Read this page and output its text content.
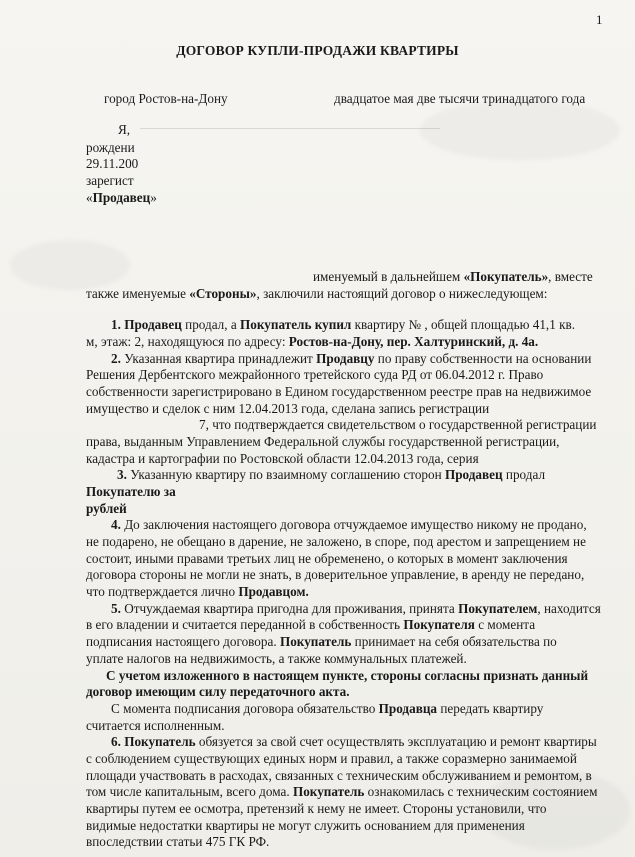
1
ДОГОВОР КУПЛИ-ПРОДАЖИ КВАРТИРЫ
город Ростов-на-Дону	двадцатое мая две тысячи тринадцатого года
Я,
рождени
29.11.200
зарегист
«Продавец»
именуемый в дальнейшем «Покупатель», вместе
также именуемые «Стороны», заключили настоящий договор о нижеследующем:
1. Продавец продал, а Покупатель купил квартиру № , общей площадью 41,1 кв.
м, этаж: 2, находящуюся по адресу: Ростов-на-Дону, пер. Халтуринский, д. 4а.
2. Указанная квартира принадлежит Продавцу по праву собственности на основании
Решения Дербентского межрайонного третейского суда РД от 06.04.2012 г. Право
собственности зарегистрировано в Едином государственном реестре прав на недвижимое
имущество и сделок с ним 12.04.2013 года, сделана запись регистрации
7, что подтверждается свидетельством о государственной регистрации
права, выданным Управлением Федеральной службы государственной регистрации,
кадастра и картографии по Ростовской области 12.04.2013 года, серия
3. Указанную квартиру по взаимному соглашению сторон Продавец продал
Покупателю за
рублей
4. До заключения настоящего договора отчуждаемое имущество никому не продано,
не подарено, не обещано в дарение, не заложено, в споре, под арестом и запрещением не
состоит, иными правами третьих лиц не обременено, о которых в момент заключения
договора стороны не могли не знать, в доверительное управление, в аренду не передано,
что подтверждается лично Продавцом.
5. Отчуждаемая квартира пригодна для проживания, принята Покупателем, находится
в его владении и считается переданной в собственность Покупателя с момента
подписания настоящего договора. Покупатель принимает на себя обязательства по
уплате налогов на недвижимость, а также коммунальных платежей.
С учетом изложенного в настоящем пункте, стороны согласны признать данный
договор имеющим силу передаточного акта.
С момента подписания договора обязательство Продавца передать квартиру
считается исполненным.
6. Покупатель обязуется за свой счет осуществлять эксплуатацию и ремонт квартиры
с соблюдением существующих единых норм и правил, а также соразмерно занимаемой
площади участвовать в расходах, связанных с техническим обслуживанием и ремонтом, в
том числе капитальным, всего дома. Покупатель ознакомилась с техническим состоянием
квартиры путем ее осмотра, претензий к нему не имеет. Стороны установили, что
видимые недостатки квартиры не могут служить основанием для применения
впоследствии статьи 475 ГК РФ.
